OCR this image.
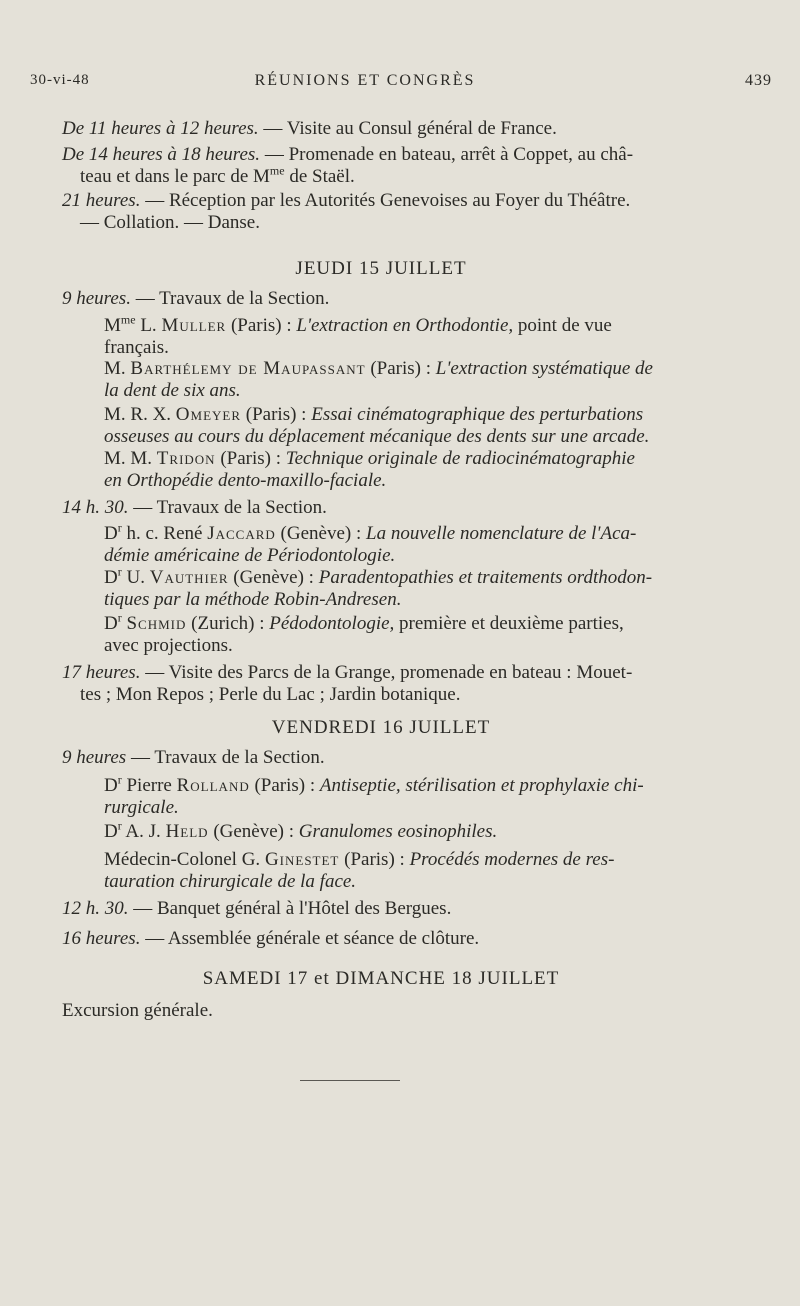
30-vi-48	RÉUNIONS ET CONGRÈS	439
De 11 heures à 12 heures. — Visite au Consul général de France.
De 14 heures à 18 heures. — Promenade en bateau, arrêt à Coppet, au châ-
teau et dans le parc de $M^{me}$ de Staël.
21 heures. — Réception par les Autorités Genevoises au Foyer du Théâtre.
— Collation. — Danse.
JEUDI 15 JUILLET
9 heures. — Travaux de la Section.
$M^{me}$ L. Muller (Paris) : L'extraction en Orthodontie, point de vue
français.
M. Barthélemy de Maupassant (Paris) : L'extraction systématique de
la dent de six ans.
M. R. X. Omeyer (Paris) : Essai cinématographique des perturbations
osseuses au cours du déplacement mécanique des dents sur une arcade.
M. M. Tridon (Paris) : Technique originale de radiocinématographie
en Orthopédie dento-maxillo-faciale.
14 h. 30. — Travaux de la Section.
$D^r$ h. c. René Jaccard (Genève) : La nouvelle nomenclature de l'Aca-
démie américaine de Périodontologie.
$D^r$ U. Vauthier (Genève) : Paradentopathies et traitements ordthodon-
tiques par la méthode Robin-Andresen.
$D^r$ Schmid (Zurich) : Pédodontologie, première et deuxième parties,
avec projections.
17 heures. — Visite des Parcs de la Grange, promenade en bateau : Mouet-
tes ; Mon Repos ; Perle du Lac ; Jardin botanique.
VENDREDI 16 JUILLET
9 heures — Travaux de la Section.
$D^r$ Pierre Rolland (Paris) : Antiseptie, stérilisation et prophylaxie chi-
rurgicale.
$D^r$ A. J. Held (Genève) : Granulomes eosinophiles.
Médecin-Colonel G. Ginestet (Paris) : Procédés modernes de res-
tauration chirurgicale de la face.
12 h. 30. — Banquet général à l'Hôtel des Bergues.
16 heures. — Assemblée générale et séance de clôture.
SAMEDI 17 et DIMANCHE 18 JUILLET
Excursion générale.
